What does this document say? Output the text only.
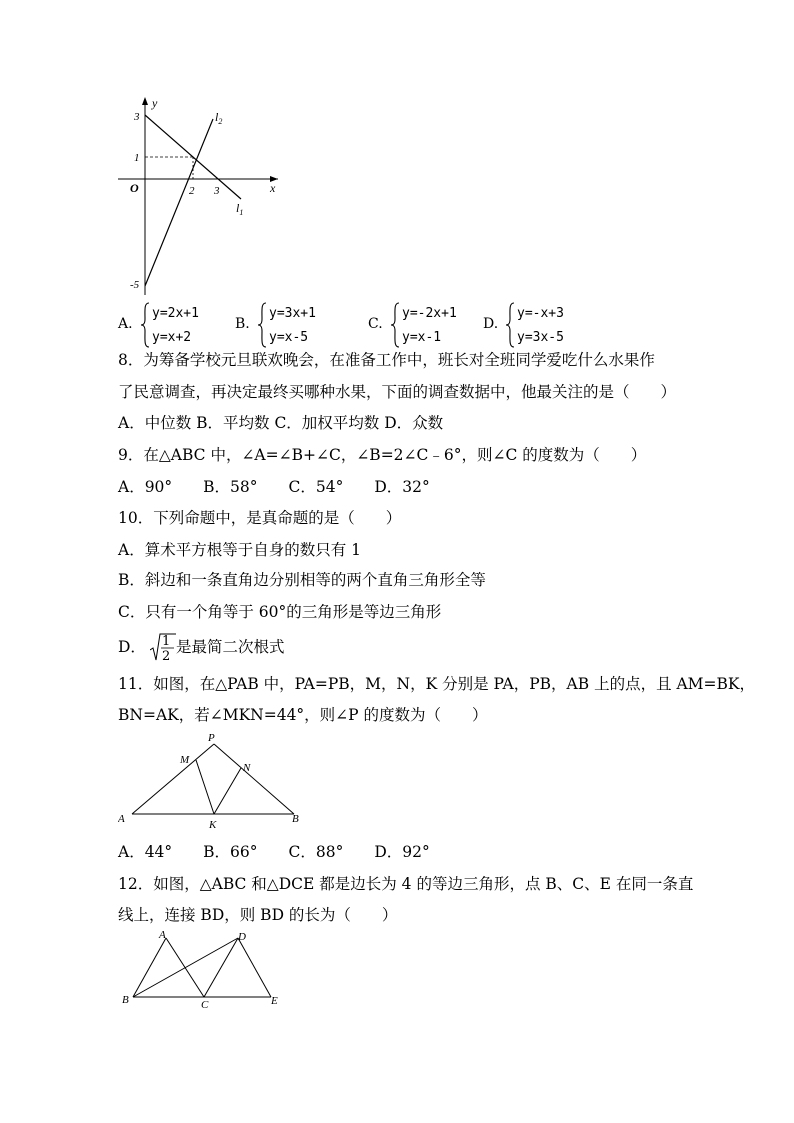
y
x
O
3
1
-5
2 3
$l_1$
$l_2$
A.
y=2x+1
y=x+2
B.
y=3x+1
y=x-5
C.
y=-2x+1
y=x-1
D.
y=-x+3
y=3x-5
8．为筹备学校元旦联欢晚会，在准备工作中，班长对全班同学爱吃什么水果作
了民意调查，再决定最终买哪种水果，下面的调查数据中，他最关注的是（　　）
A．中位数 B．平均数 C．加权平均数 D．众数
9．在△ABC 中，∠A=∠B+∠C，∠B=2∠C﹣6°，则∠C 的度数为（　　）
A．90°　　B．58°　　C．54°　　D．32°
10．下列命题中，是真命题的是（　　）
A．算术平方根等于自身的数只有 1
B．斜边和一条直角边分别相等的两个直角三角形全等
C．只有一个角等于 60°的三角形是等边三角形
D． 1
2
是最简二次根式
11．如图，在△PAB 中，PA=PB，M，N，K 分别是 PA，PB，AB 上的点，且 AM=BK，
BN=AK，若∠MKN=44°，则∠P 的度数为（　　）
P
M
N
A	K	B
A．44°　　B．66°　　C．88°　　D．92°
12．如图，△ABC 和△DCE 都是边长为 4 的等边三角形，点 B、C、E 在同一条直
线上，连接 BD，则 BD 的长为（　　）
A	D
B	C	E
